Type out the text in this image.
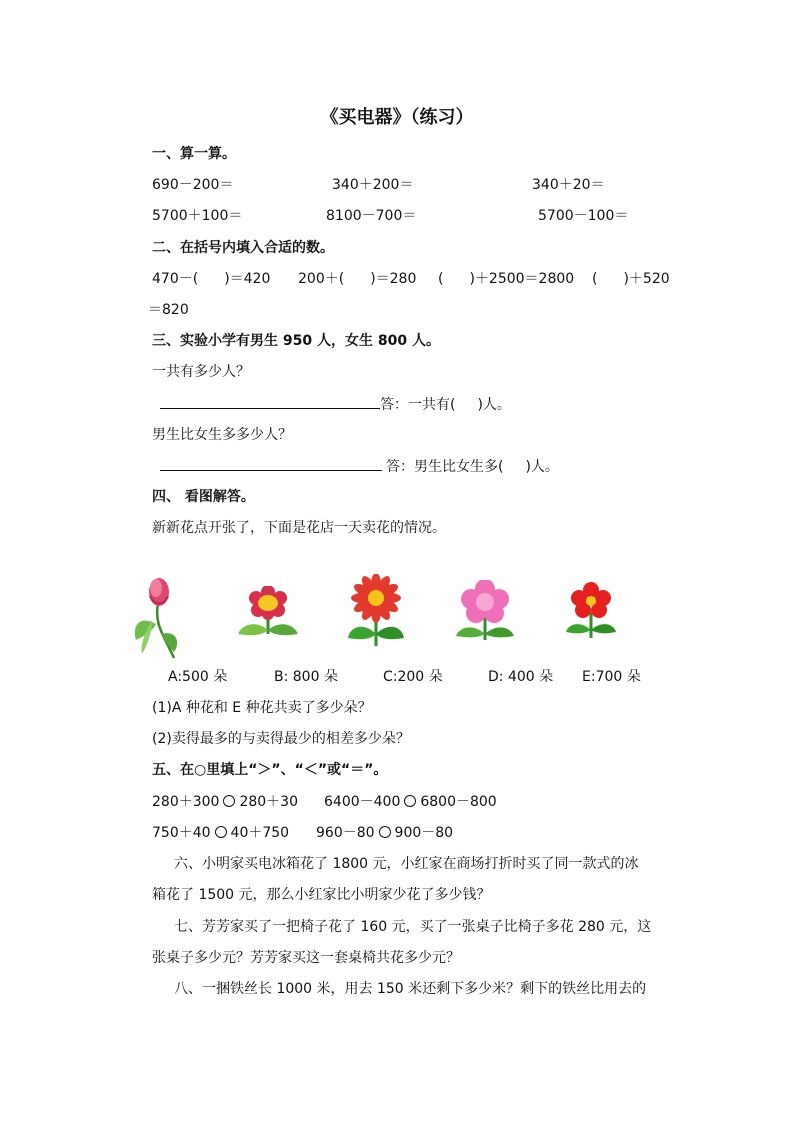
《买电器》（练习）
一、算一算。
690－200＝	340＋200＝	340＋20＝
5700＋100＝	8100－700＝	5700－100＝
二、在括号内填入合适的数。
470－( )＝420 200＋( )＝280 ( )＋2500＝2800 ( )＋520
＝820
三、实验小学有男生 950 人，女生 800 人。
一共有多少人？
答：一共有( )人。
男生比女生多多少人？
答：男生比女生多( )人。
四、 看图解答。
新新花点开张了，下面是花店一天卖花的情况。
A:500 朵	B: 800 朵	C:200 朵	D: 400 朵 E:700 朵
(1)A 种花和 E 种花共卖了多少朵？
(2)卖得最多的与卖得最少的相差多少朵？
五、在○里填上“＞”、“＜”或“＝”。
280＋300 280＋30 6400－400 6800－800
750＋40 40＋750 960－80 900－80
六、小明家买电冰箱花了 1800 元，小红家在商场打折时买了同一款式的冰
箱花了 1500 元，那么小红家比小明家少花了多少钱？
七、芳芳家买了一把椅子花了 160 元，买了一张桌子比椅子多花 280 元，这
张桌子多少元？芳芳家买这一套桌椅共花多少元？
八、一捆铁丝长 1000 米，用去 150 米还剩下多少米？剩下的铁丝比用去的
